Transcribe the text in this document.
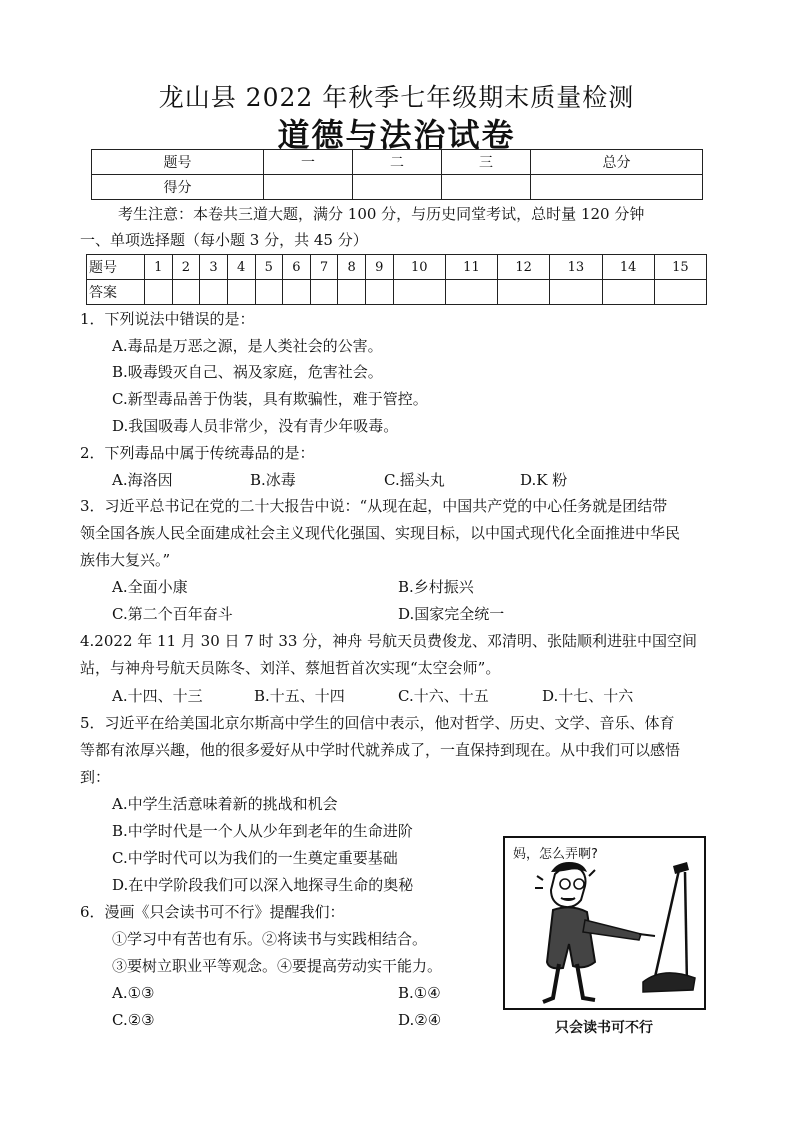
龙山县 2022 年秋季七年级期末质量检测
道德与法治试卷
题号	一	二	三	总分
得分				
考生注意：本卷共三道大题，满分 100 分，与历史同堂考试，总时量 120 分钟
一、单项选择题（每小题 3 分，共 45 分）
题号	1	2	3	4	5	6	7	8	9	10	11	12	13	14	15
答案															
1．下列说法中错误的是：
A.毒品是万恶之源，是人类社会的公害。
B.吸毒毁灭自己、祸及家庭，危害社会。
C.新型毒品善于伪装，具有欺骗性，难于管控。
D.我国吸毒人员非常少，没有青少年吸毒。
2．下列毒品中属于传统毒品的是：
A.海洛因	B.冰毒	C.摇头丸	D.K 粉
3．习近平总书记在党的二十大报告中说：“从现在起，中国共产党的中心任务就是团结带
领全国各族人民全面建成社会主义现代化强国、实现目标，以中国式现代化全面推进中华民
族伟大复兴。”
A.全面小康	B.乡村振兴
C.第二个百年奋斗	D.国家完全统一
4.2022 年 11 月 30 日 7 时 33 分，神舟 号航天员费俊龙、邓清明、张陆顺利进驻中国空间
站，与神舟号航天员陈冬、刘洋、蔡旭哲首次实现“太空会师”。
A.十四、十三	B.十五、十四	C.十六、十五	D.十七、十六
5．习近平在给美国北京尔斯高中学生的回信中表示，他对哲学、历史、文学、音乐、体育
等都有浓厚兴趣，他的很多爱好从中学时代就养成了，一直保持到现在。从中我们可以感悟
到：
A.中学生活意味着新的挑战和机会
B.中学时代是一个人从少年到老年的生命进阶
C.中学时代可以为我们的一生奠定重要基础
D.在中学阶段我们可以深入地探寻生命的奥秘
6．漫画《只会读书可不行》提醒我们：
①学习中有苦也有乐。②将读书与实践相结合。
③要树立职业平等观念。④要提高劳动实干能力。
A.①③	B.①④
C.②③	D.②④
妈，怎么弄啊?
只会读书可不行
